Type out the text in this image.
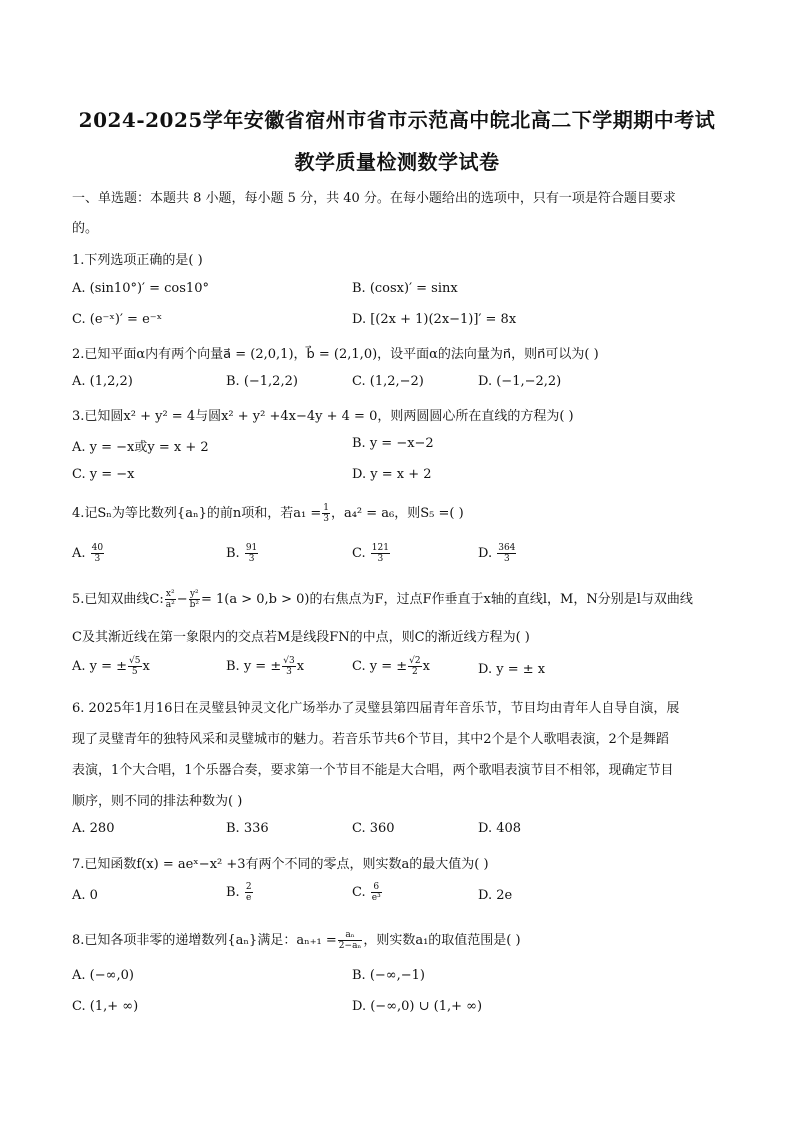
2024-2025学年安徽省宿州市省市示范高中皖北高二下学期期中考试
教学质量检测数学试卷
一、单选题：本题共 8 小题，每小题 5 分，共 40 分。在每小题给出的选项中，只有一项是符合题目要求
的。
1.下列选项正确的是( )
A. (sin10°)′ = cos10°	B. (cosx)′ = sinx
C. (e⁻ˣ)′ = e⁻ˣ	D. [(2x + 1)(2x−1)]′ = 8x
2.已知平面α内有两个向量a⃗ = (2,0,1)，b⃗ = (2,1,0)，设平面α的法向量为n⃗，则n⃗可以为( )
A. (1,2,2)	B. (−1,2,2)	C. (1,2,−2)	D. (−1,−2,2)
3.已知圆x² + y² = 4与圆x² + y² +4x−4y + 4 = 0，则两圆圆心所在直线的方程为( )
A. y = −x或y = x + 2	B. y = −x−2
C. y = −x	D. y = x + 2
4.记Sₙ为等比数列{aₙ}的前n项和，若$a_1 = \frac{1}{3}$ ，a₄² = a₆，则S₅ =( )
A. $\frac{40}{3}$	B. $\frac{91}{3}$	C. $\frac{121}{3}$	D. $\frac{364}{3}$
5.已知双曲线C: $\frac{\text{x²}}{\text{a²}} - \frac{\text{y²}}{\text{b²}} = 1(a > 0,b > 0)$的右焦点为F，过点F作垂直于x轴的直线l，M，N分别是l与双曲线
C及其渐近线在第一象限内的交点若M是线段FN的中点，则C的渐近线方程为( )
A. y = ± $\frac{√5}{5}$ x	B. y = ± $\frac{√3}{3}$ x	C. y = ± $\frac{√2}{2}$ x	D. y = ± x
6. 2025年1月16日在灵璧县钟灵文化广场举办了灵璧县第四届青年音乐节，节目均由青年人自导自演，展
现了灵璧青年的独特风采和灵璧城市的魅力。若音乐节共6个节目，其中2个是个人歌唱表演，2个是舞蹈
表演，1个大合唱，1个乐器合奏，要求第一个节目不能是大合唱，两个歌唱表演节目不相邻，现确定节目
顺序，则不同的排法种数为( )
A. 280	B. 336	C. 360	D. 408
7.已知函数f(x) = aeˣ−x² +3有两个不同的零点，则实数a的最大值为( )
A. 0	B. $\frac{2}{e}$	C. $\frac{6}{\text{e³}}$	D. 2e
8.已知各项非零的递增数列{aₙ}满足：$a_{n+1} = \frac{\text{aₙ}}{\text{2−aₙ}}$ ，则实数a₁的取值范围是( )
A. (−∞,0)	B. (−∞,−1)
C. (1,+ ∞)	D. (−∞,0) ∪ (1,+ ∞)
